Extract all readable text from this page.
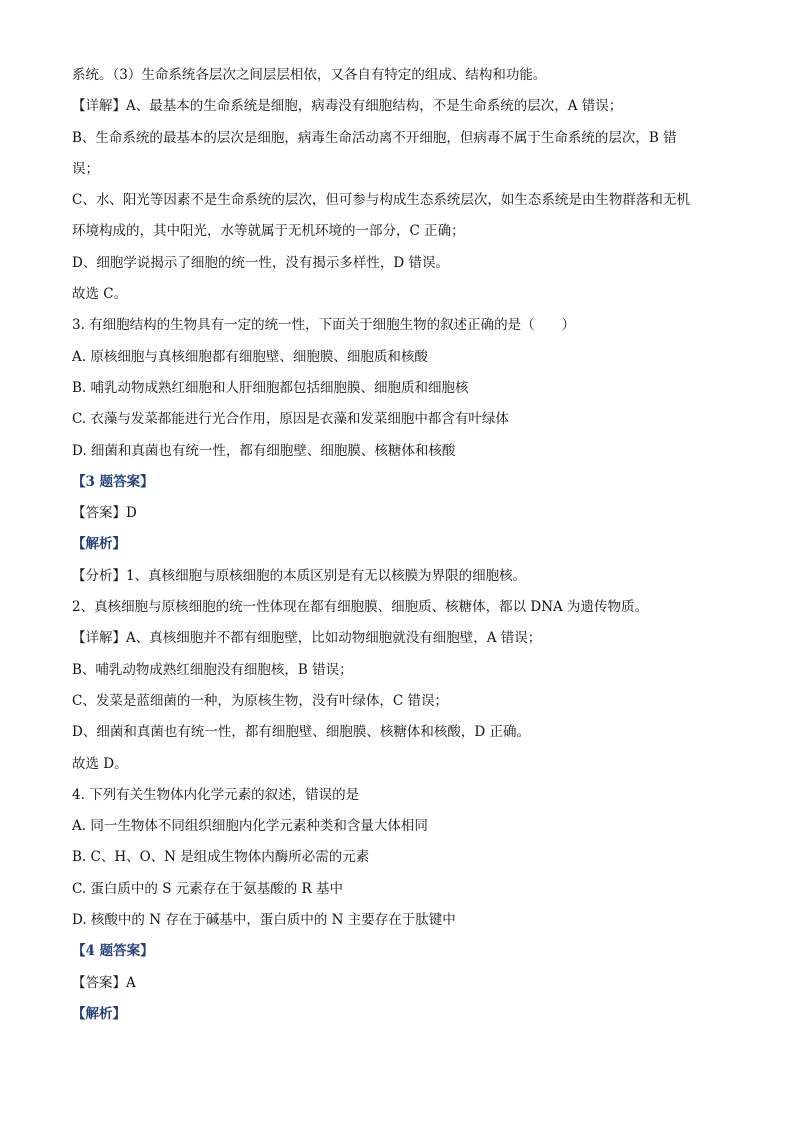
系统。（3）生命系统各层次之间层层相依，又各自有特定的组成、结构和功能。
【详解】A、最基本的生命系统是细胞，病毒没有细胞结构，不是生命系统的层次，A 错误；
B、生命系统的最基本的层次是细胞，病毒生命活动离不开细胞，但病毒不属于生命系统的层次，B 错
误；
C、水、阳光等因素不是生命系统的层次，但可参与构成生态系统层次，如生态系统是由生物群落和无机
环境构成的，其中阳光，水等就属于无机环境的一部分，C 正确；
D、细胞学说揭示了细胞的统一性，没有揭示多样性，D 错误。
故选 C。
3. 有细胞结构的生物具有一定的统一性，下面关于细胞生物的叙述正确的是（　　）
A. 原核细胞与真核细胞都有细胞壁、细胞膜、细胞质和核酸
B. 哺乳动物成熟红细胞和人肝细胞都包括细胞膜、细胞质和细胞核
C. 衣藻与发菜都能进行光合作用，原因是衣藻和发菜细胞中都含有叶绿体
D. 细菌和真菌也有统一性，都有细胞壁、细胞膜、核糖体和核酸
【3 题答案】
【答案】D
【解析】
【分析】1、真核细胞与原核细胞的本质区别是有无以核膜为界限的细胞核。
2、真核细胞与原核细胞的统一性体现在都有细胞膜、细胞质、核糖体，都以 DNA 为遗传物质。
【详解】A、真核细胞并不都有细胞壁，比如动物细胞就没有细胞壁，A 错误；
B、哺乳动物成熟红细胞没有细胞核，B 错误；
C、发菜是蓝细菌的一种，为原核生物，没有叶绿体，C 错误；
D、细菌和真菌也有统一性，都有细胞壁、细胞膜、核糖体和核酸，D 正确。
故选 D。
4. 下列有关生物体内化学元素的叙述，错误的是
A. 同一生物体不同组织细胞内化学元素种类和含量大体相同
B. C、H、O、N 是组成生物体内酶所必需的元素
C. 蛋白质中的 S 元素存在于氨基酸的 R 基中
D. 核酸中的 N 存在于碱基中，蛋白质中的 N 主要存在于肽键中
【4 题答案】
【答案】A
【解析】
